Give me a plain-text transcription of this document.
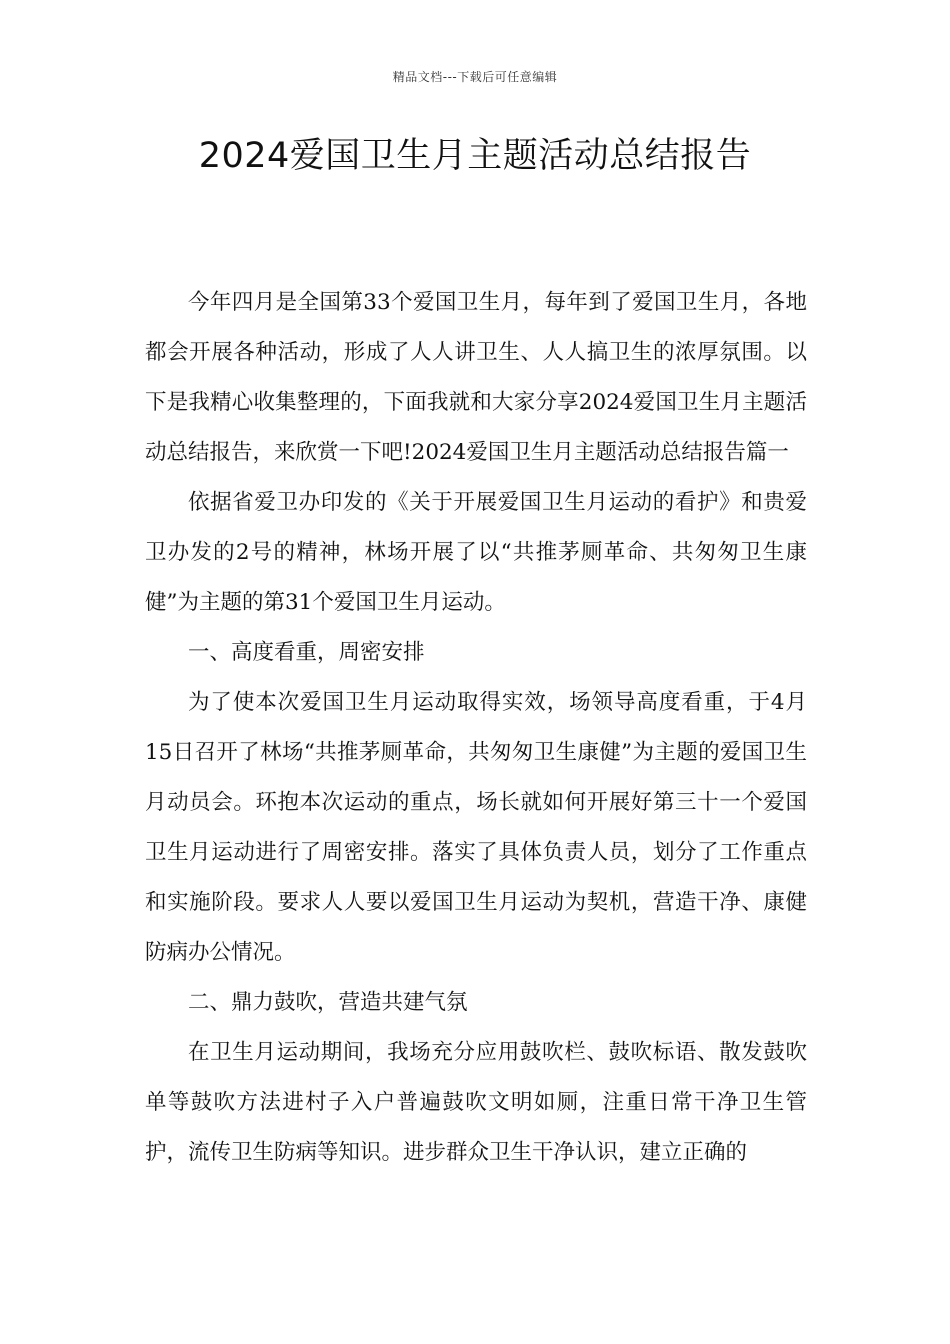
精品文档---下载后可任意编辑
2024爱国卫生月主题活动总结报告

今年四月是全国第33个爱国卫生月，每年到了爱国卫生月，各地都会开展各种活动，形成了人人讲卫生、人人搞卫生的浓厚氛围。以下是我精心收集整理的，下面我就和大家分享2024爱国卫生月主题活动总结报告，来欣赏一下吧!2024爱国卫生月主题活动总结报告篇一

依据省爱卫办印发的《关于开展爱国卫生月运动的看护》和贵爱卫办发的2号的精神，林场开展了以“共推茅厕革命、共匆匆卫生康健”为主题的第31个爱国卫生月运动。

一、高度看重，周密安排

为了使本次爱国卫生月运动取得实效，场领导高度看重，于4月15日召开了林场“共推茅厕革命，共匆匆卫生康健”为主题的爱国卫生月动员会。环抱本次运动的重点，场长就如何开展好第三十一个爱国卫生月运动进行了周密安排。落实了具体负责人员，划分了工作重点和实施阶段。要求人人要以爱国卫生月运动为契机，营造干净、康健防病办公情况。

二、鼎力鼓吹，营造共建气氛

在卫生月运动期间，我场充分应用鼓吹栏、鼓吹标语、散发鼓吹单等鼓吹方法进村子入户普遍鼓吹文明如厕，注重日常干净卫生管护，流传卫生防病等知识。进步群众卫生干净认识，建立正确的
